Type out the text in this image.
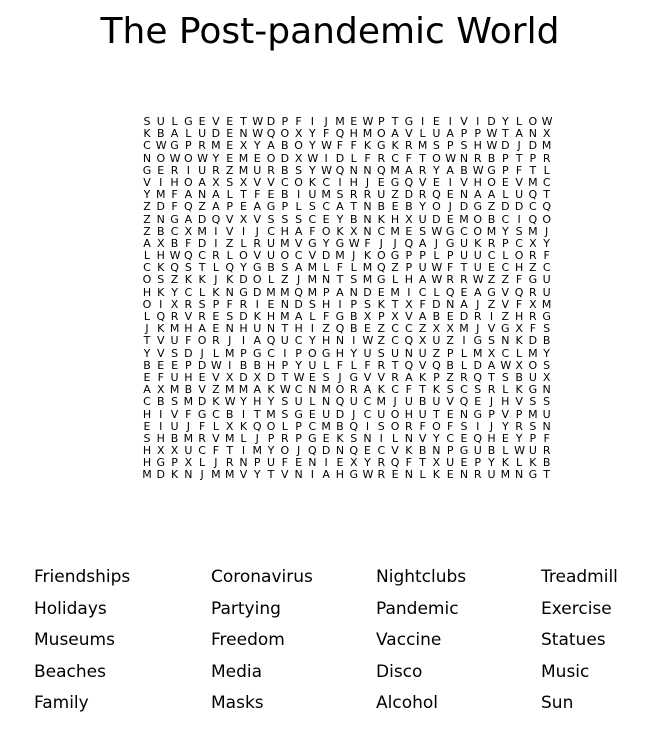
The Post-pandemic World
S U L G E V E T W D P F I J M E W P T G I E I V I D Y L O W
K B A L U D E N W Q O X Y F Q H M O A V L U A P P W T A N X
C W G P R M E X Y A B O Y W F F K G K R M S P S H W D J D M
N O W O W Y E M E O D X W I D L F R C F T O W N R B P T P R
G E R I U R Z M U R B S Y W Q N N Q M A R Y A B W G P F T L
V I H O A X S X V V C O K C I H J E G Q V E I V H O E V M C
Y M F A N A L T F E B I U M S R R U Z D R Q E N A A L U Q T
Z D F Q Z A P E A G P L S C A T N B E B Y O J D G Z D D C Q
Z N G A D Q V X V S S S C E Y B N K H X U D E M O B C I Q O
Z B C X M I V I J C H A F O K X N C M E S W G C O M Y S M J
A X B F D I Z L R U M V G Y G W F J J Q A J G U K R P C X Y
L H W Q C R L O V U O C V D M J K O G P P L P U U C L O R F
C K Q S T L Q Y G B S A M L F L M Q Z P U W F T U E C H Z C
O S Z K K J K D O L Z J M N T S M G L H A W R R W Z Z F G U
H K Y C L K N G D M M Q M P A N D E M I C L Q E A G V Q R U
O I X R S P F R I E N D S H I P S K T X F D N A J Z V F X M
L Q R V R E S D K H M A L F G B X P X V A B E D R I Z H R G
J K M H A E N H U N T H I Z Q B E Z C C Z X X M J V G X F S
T V U F O R J I A Q U C Y H N I W Z C Q X U Z I G S N K D B
Y V S D J L M P G C I P O G H Y U S U N U Z P L M X C L M Y
B E E P D W I B B H P Y U L F L F R T Q V Q B L D A W X O S
E F U H E V X D X D T W E S J G V V R A K P Z R Q T S B U X
A X M B V Z M M A K W C N M O R A K C F T K S C S R L K G N
C B S M D K W Y H Y S U L N Q U C M J U B U V Q E J H V S S
H I V F G C B I T M S G E U D J C U O H U T E N G P V P M U
E I U J F L X K Q O L P C M B Q I S O R F O F S I J Y R S N
S H B M R V M L J P R P G E K S N I L N V Y C E Q H E Y P F
H X X U C F T I M Y O J Q D N Q E C V K B N P G U B L W U R
H G P X L J R N P U F E N I E X Y R Q F T X U E P Y K L K B
M D K N J M M V Y T V N I A H G W R E N L K E N R U M N G T
Friendships
Holidays
Museums
Beaches
Family
Coronavirus
Partying
Freedom
Media
Masks
Nightclubs
Pandemic
Vaccine
Disco
Alcohol
Treadmill
Exercise
Statues
Music
Sun
